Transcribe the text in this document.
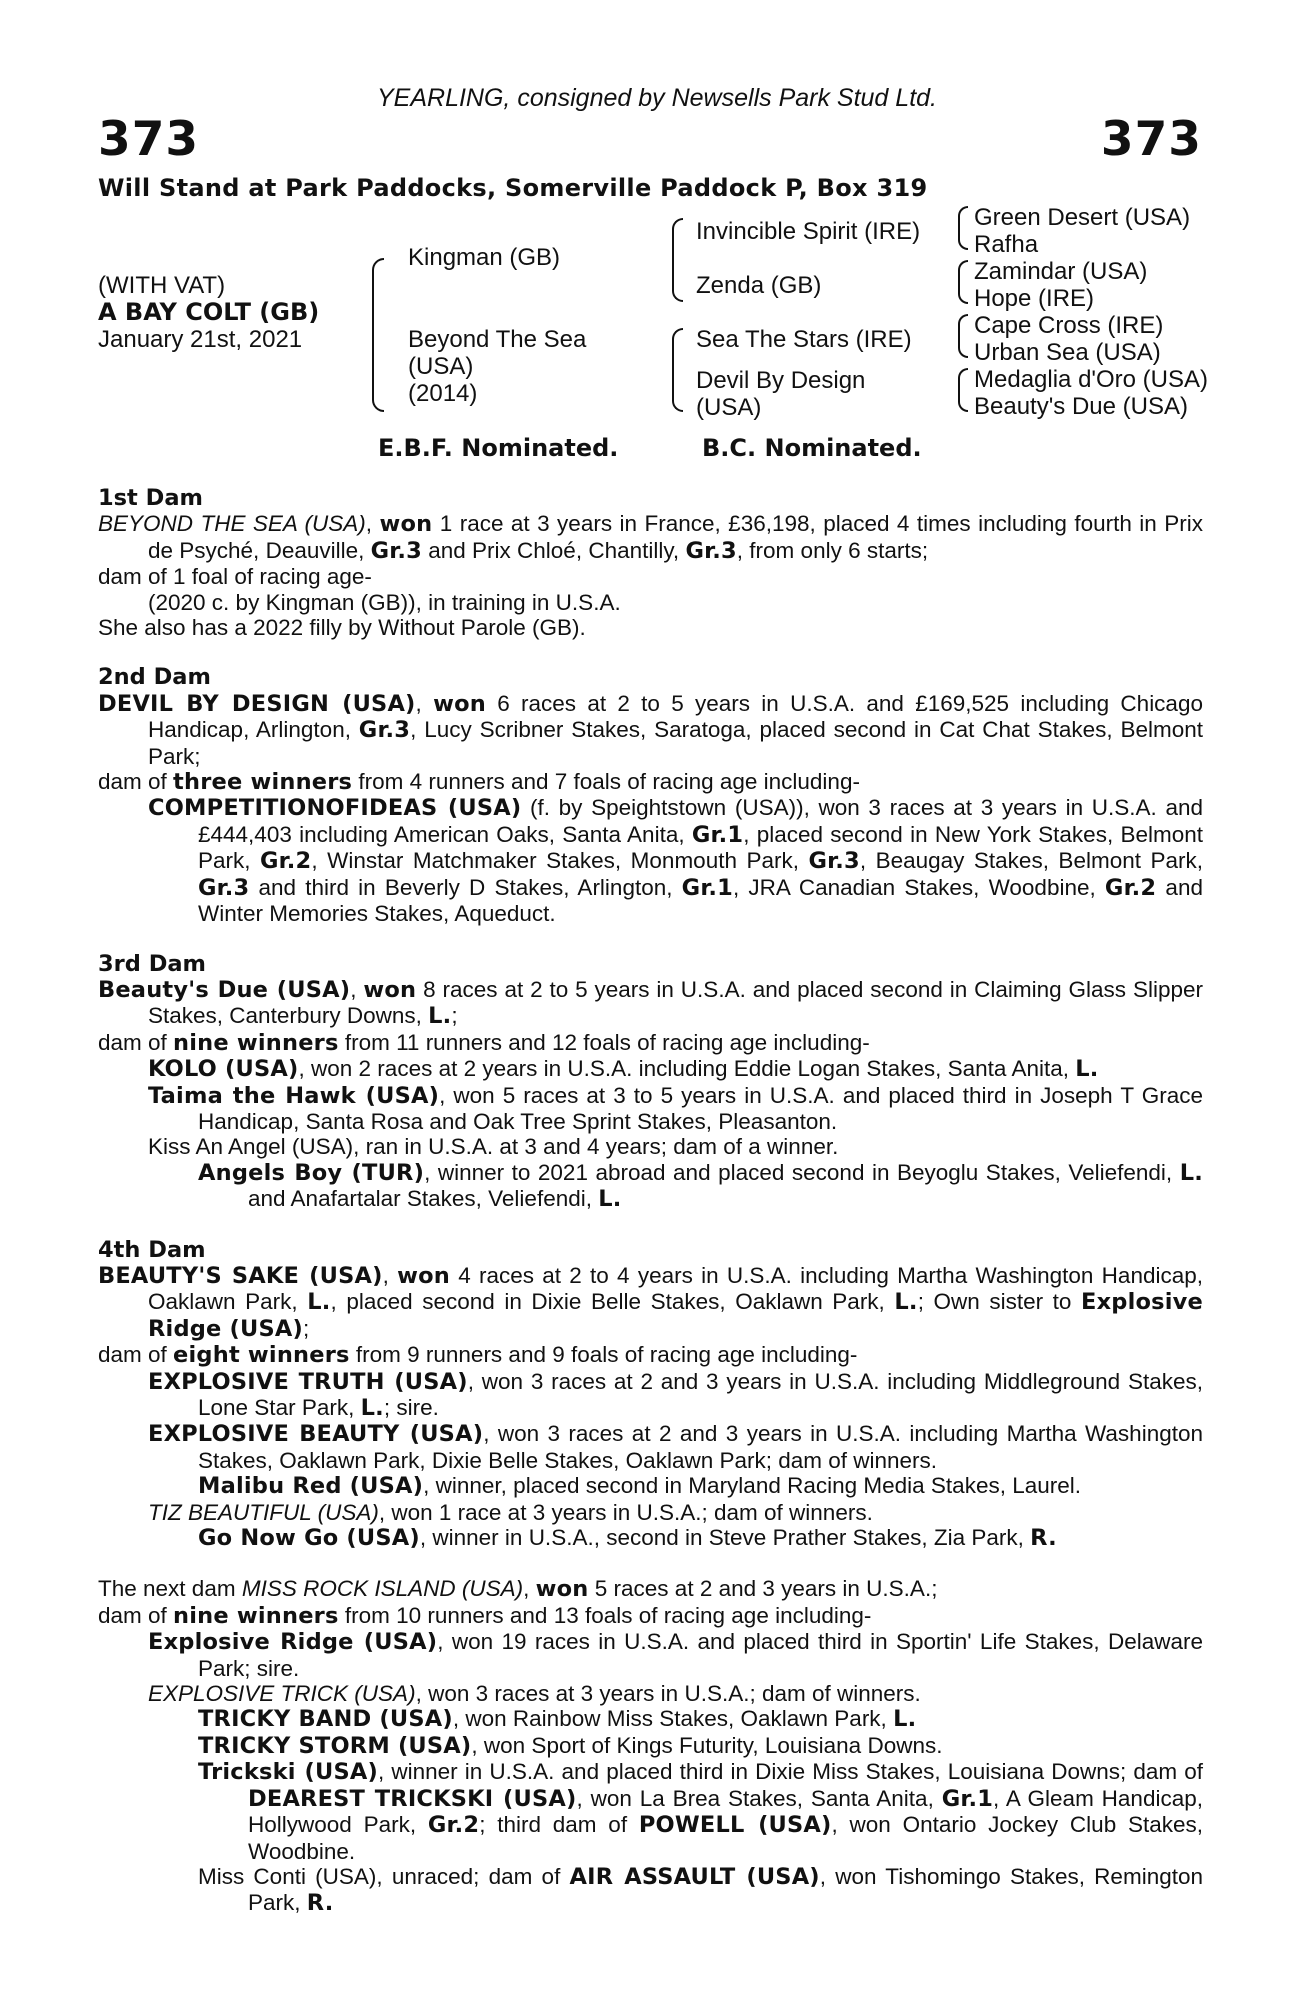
YEARLING, consigned by Newsells Park Stud Ltd.
373	373
Will Stand at Park Paddocks, Somerville Paddock P, Box 319
(WITH VAT)
A BAY COLT (GB)
January 21st, 2021
Kingman (GB)
Beyond The Sea
(USA)
(2014)
Invincible Spirit (IRE)
Zenda (GB)
Sea The Stars (IRE)
Devil By Design
(USA)
Green Desert (USA)
Rafha
Zamindar (USA)
Hope (IRE)
Cape Cross (IRE)
Urban Sea (USA)
Medaglia d'Oro (USA)
Beauty's Due (USA)
E.B.F. Nominated.	B.C. Nominated.
1st Dam
BEYOND THE SEA (USA), won 1 race at 3 years in France, £36,198, placed 4 times including fourth in Prix de Psyché, Deauville, Gr.3 and Prix Chloé, Chantilly, Gr.3, from only 6 starts;
dam of 1 foal of racing age-
(2020 c. by Kingman (GB)), in training in U.S.A.
She also has a 2022 filly by Without Parole (GB).
2nd Dam
DEVIL BY DESIGN (USA), won 6 races at 2 to 5 years in U.S.A. and £169,525 including Chicago Handicap, Arlington, Gr.3, Lucy Scribner Stakes, Saratoga, placed second in Cat Chat Stakes, Belmont Park;
dam of three winners from 4 runners and 7 foals of racing age including-
COMPETITIONOFIDEAS (USA) (f. by Speightstown (USA)), won 3 races at 3 years in U.S.A. and £444,403 including American Oaks, Santa Anita, Gr.1, placed second in New York Stakes, Belmont Park, Gr.2, Winstar Matchmaker Stakes, Monmouth Park, Gr.3, Beaugay Stakes, Belmont Park, Gr.3 and third in Beverly D Stakes, Arlington, Gr.1, JRA Canadian Stakes, Woodbine, Gr.2 and Winter Memories Stakes, Aqueduct.
3rd Dam
Beauty's Due (USA), won 8 races at 2 to 5 years in U.S.A. and placed second in Claiming Glass Slipper Stakes, Canterbury Downs, L.;
dam of nine winners from 11 runners and 12 foals of racing age including-
KOLO (USA), won 2 races at 2 years in U.S.A. including Eddie Logan Stakes, Santa Anita, L.
Taima the Hawk (USA), won 5 races at 3 to 5 years in U.S.A. and placed third in Joseph T Grace Handicap, Santa Rosa and Oak Tree Sprint Stakes, Pleasanton.
Kiss An Angel (USA), ran in U.S.A. at 3 and 4 years; dam of a winner.
Angels Boy (TUR), winner to 2021 abroad and placed second in Beyoglu Stakes, Veliefendi, L. and Anafartalar Stakes, Veliefendi, L.
4th Dam
BEAUTY'S SAKE (USA), won 4 races at 2 to 4 years in U.S.A. including Martha Washington Handicap, Oaklawn Park, L., placed second in Dixie Belle Stakes, Oaklawn Park, L.; Own sister to Explosive Ridge (USA);
dam of eight winners from 9 runners and 9 foals of racing age including-
EXPLOSIVE TRUTH (USA), won 3 races at 2 and 3 years in U.S.A. including Middleground Stakes, Lone Star Park, L.; sire.
EXPLOSIVE BEAUTY (USA), won 3 races at 2 and 3 years in U.S.A. including Martha Washington Stakes, Oaklawn Park, Dixie Belle Stakes, Oaklawn Park; dam of winners.
Malibu Red (USA), winner, placed second in Maryland Racing Media Stakes, Laurel.
TIZ BEAUTIFUL (USA), won 1 race at 3 years in U.S.A.; dam of winners.
Go Now Go (USA), winner in U.S.A., second in Steve Prather Stakes, Zia Park, R.
The next dam MISS ROCK ISLAND (USA), won 5 races at 2 and 3 years in U.S.A.;
dam of nine winners from 10 runners and 13 foals of racing age including-
Explosive Ridge (USA), won 19 races in U.S.A. and placed third in Sportin' Life Stakes, Delaware Park; sire.
EXPLOSIVE TRICK (USA), won 3 races at 3 years in U.S.A.; dam of winners.
TRICKY BAND (USA), won Rainbow Miss Stakes, Oaklawn Park, L.
TRICKY STORM (USA), won Sport of Kings Futurity, Louisiana Downs.
Trickski (USA), winner in U.S.A. and placed third in Dixie Miss Stakes, Louisiana Downs; dam of DEAREST TRICKSKI (USA), won La Brea Stakes, Santa Anita, Gr.1, A Gleam Handicap, Hollywood Park, Gr.2; third dam of POWELL (USA), won Ontario Jockey Club Stakes, Woodbine.
Miss Conti (USA), unraced; dam of AIR ASSAULT (USA), won Tishomingo Stakes, Remington Park, R.
